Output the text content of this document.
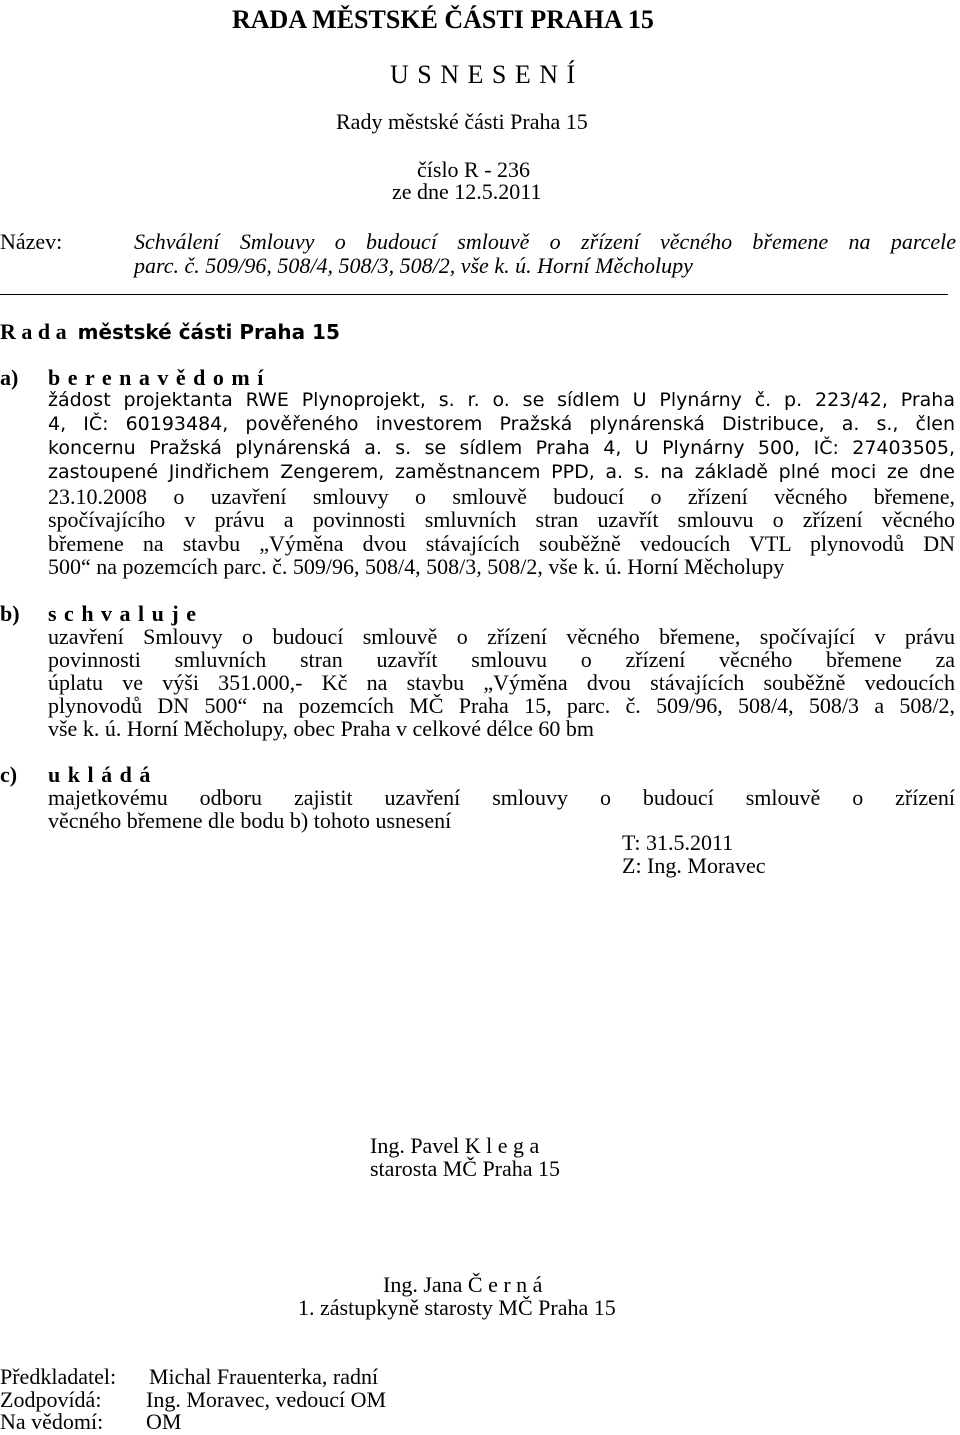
RADA MĚSTSKÉ ČÁSTI PRAHA 15
U S N E S E N Í
Rady městské části Praha 15
číslo R - 236
ze dne 12.5.2011
Název:	Schválení Smlouvy o budoucí smlouvě o zřízení věcného břemene na parcele
parc. č. 509/96, 508/4, 508/3, 508/2, vše k. ú. Horní Měcholupy
R a d a městské části Praha 15
a) b e r e n a v ě d o m í
žádost projektanta RWE Plynoprojekt, s. r. o. se sídlem U Plynárny č. p. 223/42, Praha
4, IČ: 60193484, pověřeného investorem Pražská plynárenská Distribuce, a. s., člen
koncernu Pražská plynárenská a. s. se sídlem Praha 4, U Plynárny 500, IČ: 27403505,
zastoupené Jindřichem Zengerem, zaměstnancem PPD, a. s. na základě plné moci ze dne
23.10.2008 o uzavření smlouvy o smlouvě budoucí o zřízení věcného břemene,
spočívajícího v právu a povinnosti smluvních stran uzavřít smlouvu o zřízení věcného
břemene na stavbu „Výměna dvou stávajících souběžně vedoucích VTL plynovodů DN
500“ na pozemcích parc. č. 509/96, 508/4, 508/3, 508/2, vše k. ú. Horní Měcholupy
b) s c h v a l u j e
uzavření Smlouvy o budoucí smlouvě o zřízení věcného břemene, spočívající v právu
povinnosti smluvních stran uzavřít smlouvu o zřízení věcného břemene za
úplatu ve výši 351.000,- Kč na stavbu „Výměna dvou stávajících souběžně vedoucích
plynovodů DN 500“ na pozemcích MČ Praha 15, parc. č. 509/96, 508/4, 508/3 a 508/2,
vše k. ú. Horní Měcholupy, obec Praha v celkové délce 60 bm
c) u k l á d á
majetkovému odboru zajistit uzavření smlouvy o budoucí smlouvě o zřízení
věcného břemene dle bodu b) tohoto usnesení
T: 31.5.2011
Z: Ing. Moravec
Ing. Pavel K l e g a
starosta MČ Praha 15
Ing. Jana Č e r n á
1. zástupkyně starosty MČ Praha 15
Předkladatel: Michal Frauenterka, radní
Zodpovídá: Ing. Moravec, vedoucí OM
Na vědomí: OM
